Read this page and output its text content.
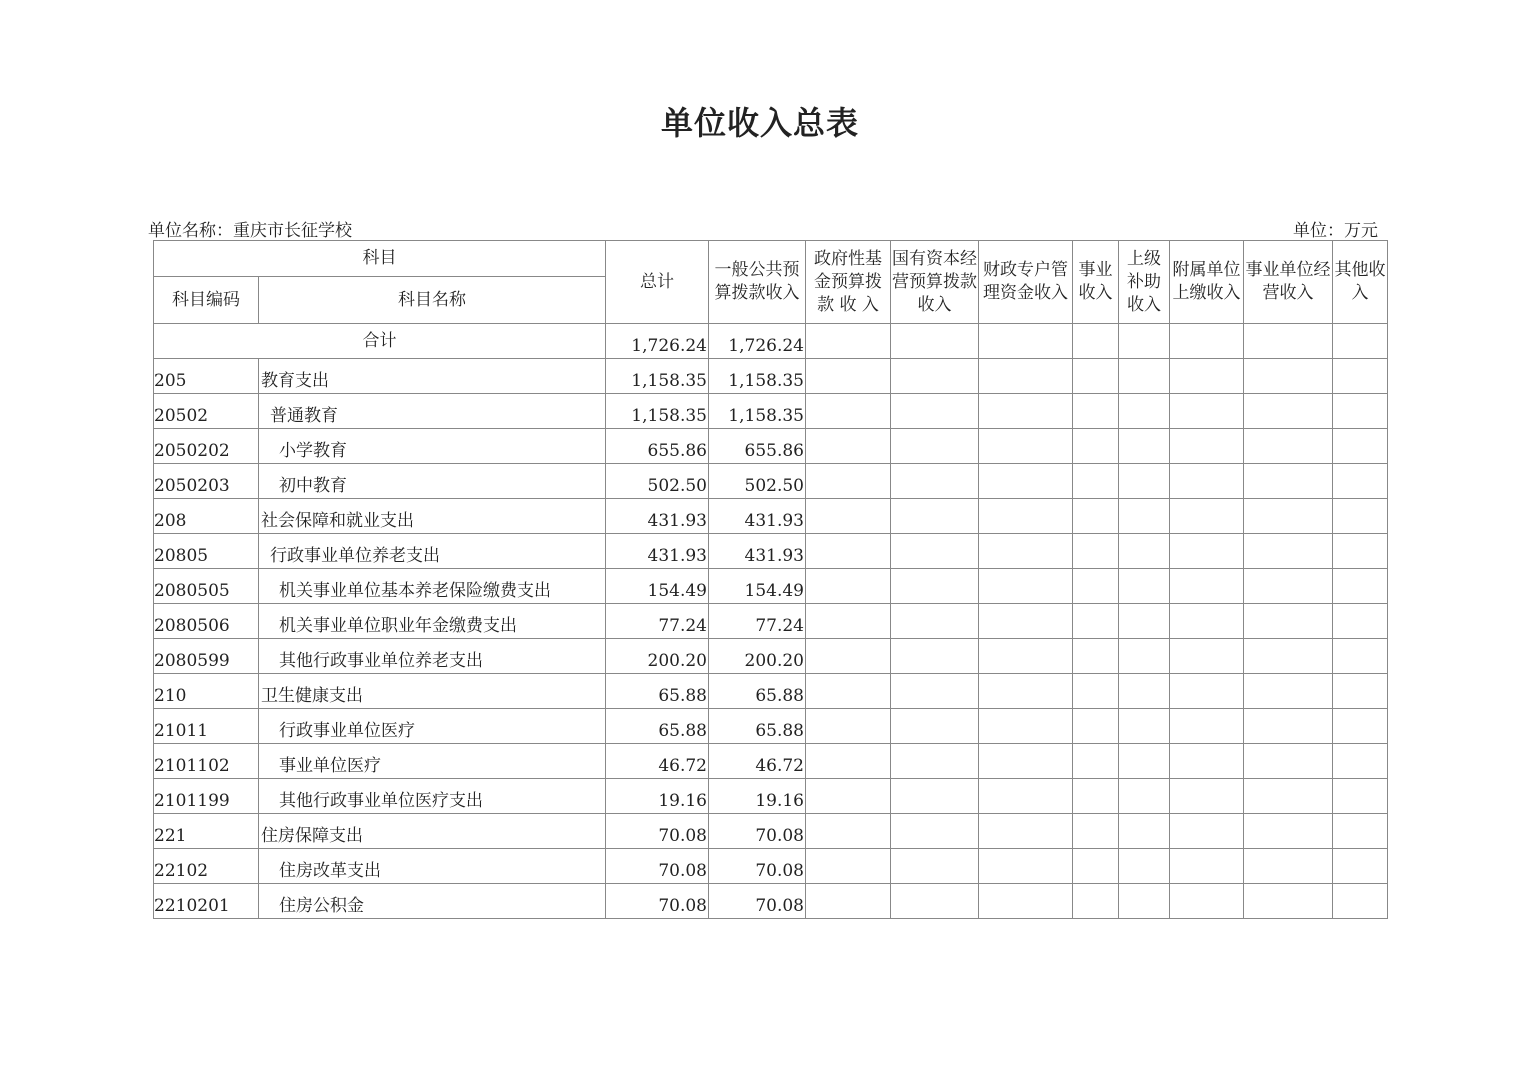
单位收入总表
单位名称：重庆市长征学校	单位：万元
科目		总计	一般公共预算拨款收入	政府性基金预算拨款 收 入	国有资本经营预算拨款收入	财政专户管理资金收入	事业收入	上级补助收入	附属单位上缴收入	事业单位经营收入	其他收入
科目编码	科目名称										
合计		1,726.24	1,726.24								
205	教育支出	1,158.35	1,158.35								
20502	普通教育	1,158.35	1,158.35								
2050202	小学教育	655.86	655.86								
2050203	初中教育	502.50	502.50								
208	社会保障和就业支出	431.93	431.93								
20805	行政事业单位养老支出	431.93	431.93								
2080505	机关事业单位基本养老保险缴费支出	154.49	154.49								
2080506	机关事业单位职业年金缴费支出	77.24	77.24								
2080599	其他行政事业单位养老支出	200.20	200.20								
210	卫生健康支出	65.88	65.88								
21011	行政事业单位医疗	65.88	65.88								
2101102	事业单位医疗	46.72	46.72								
2101199	其他行政事业单位医疗支出	19.16	19.16								
221	住房保障支出	70.08	70.08								
22102	住房改革支出	70.08	70.08								
2210201	住房公积金	70.08	70.08								
